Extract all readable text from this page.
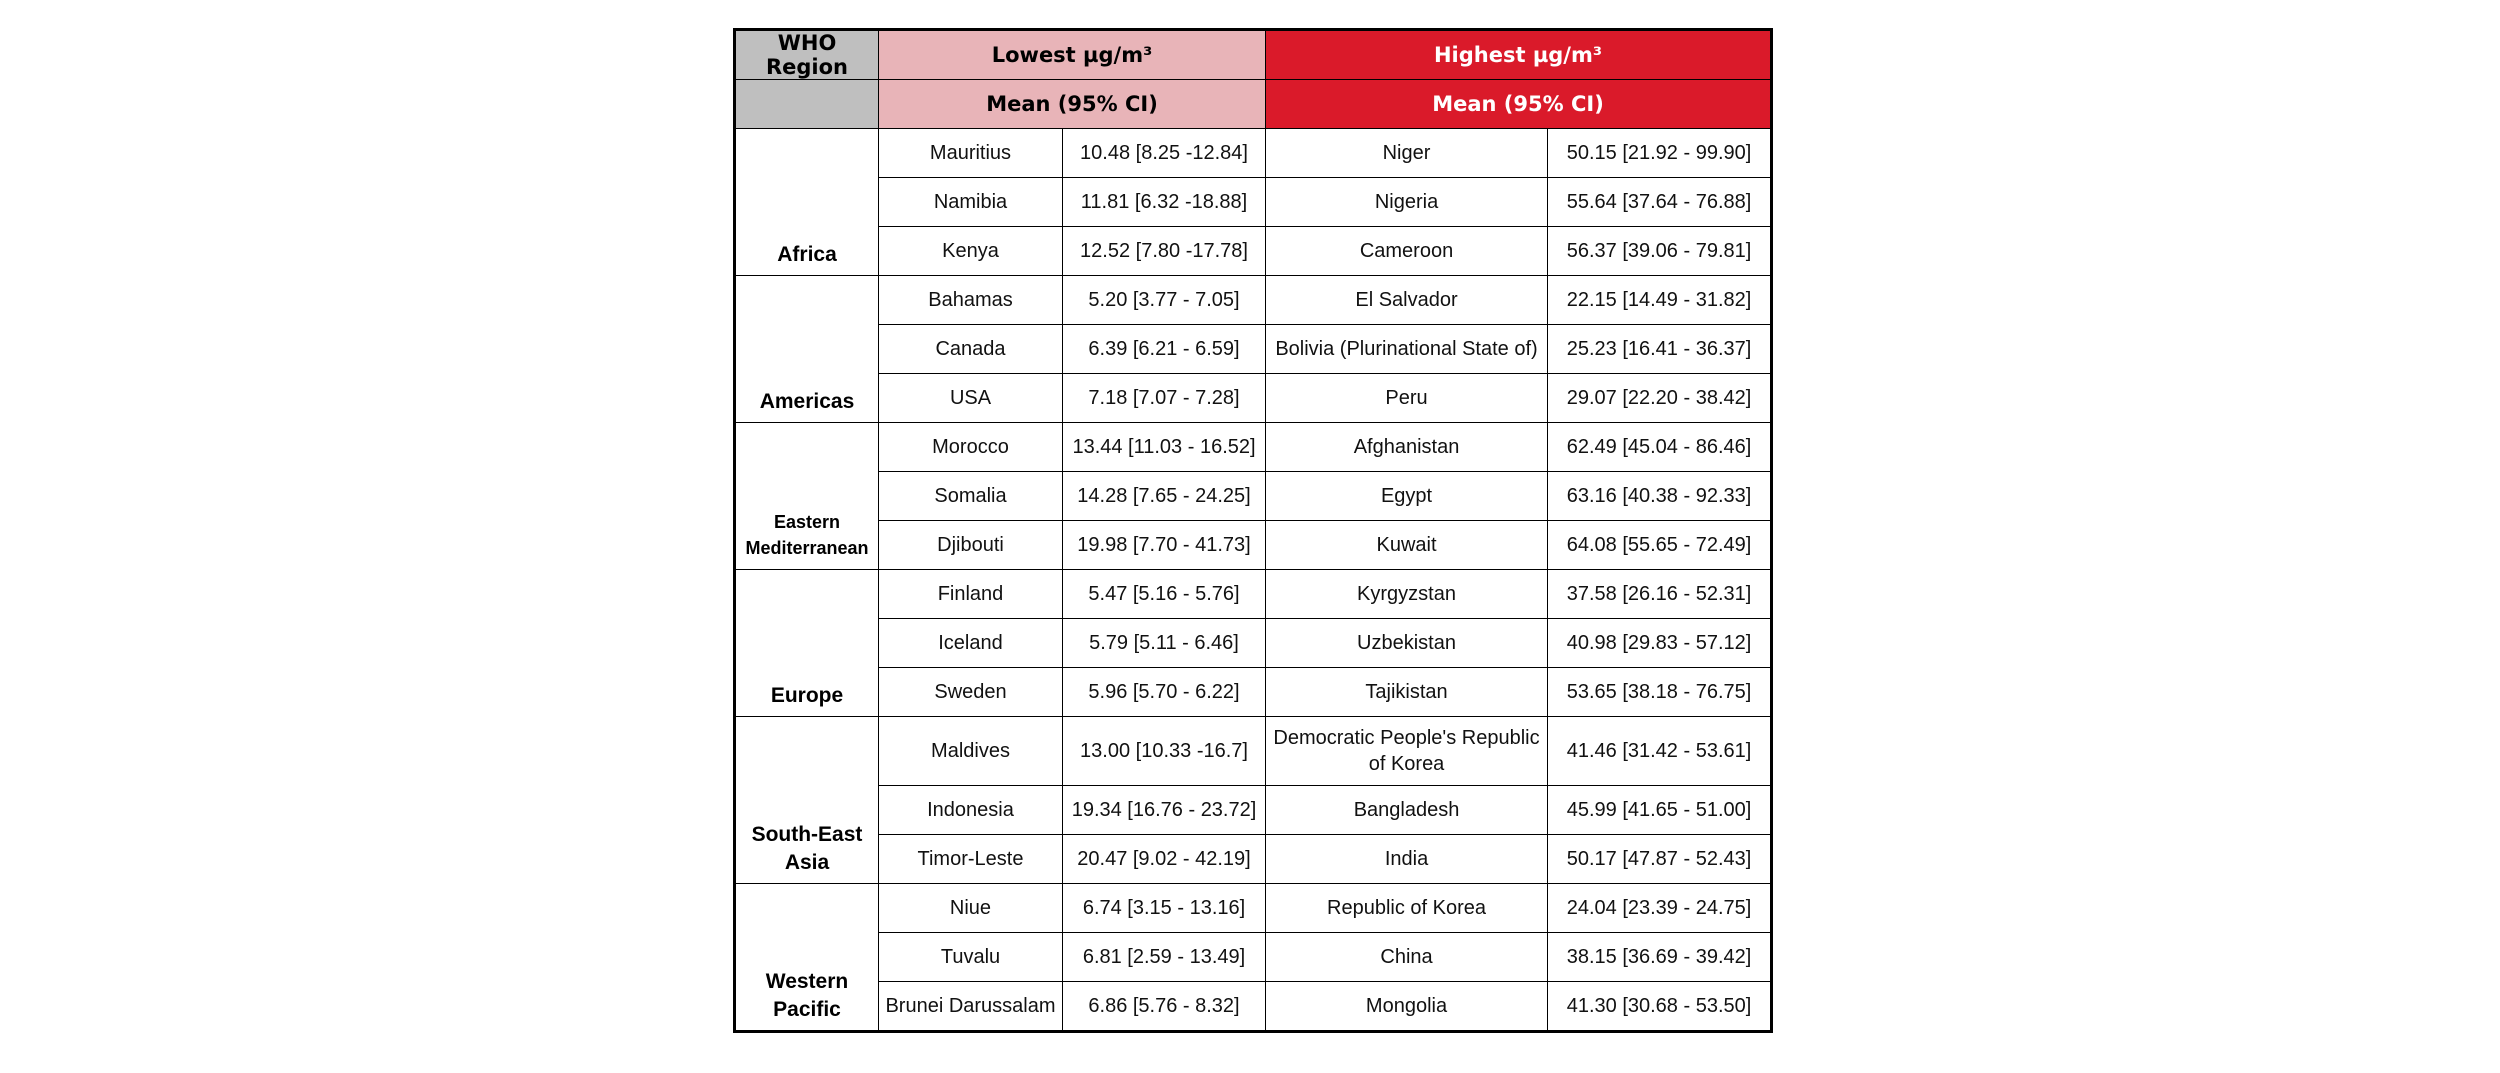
WHO Region	Lowest µg/m³		Highest µg/m³	
	Mean (95% CI)		Mean (95% CI)	
Africa	Mauritius	10.48 [8.25 -12.84]	Niger	50.15 [21.92 - 99.90]
	Namibia	11.81 [6.32 -18.88]	Nigeria	55.64 [37.64 - 76.88]
	Kenya	12.52 [7.80 -17.78]	Cameroon	56.37 [39.06 - 79.81]
Americas	Bahamas	5.20 [3.77 - 7.05]	El Salvador	22.15 [14.49 - 31.82]
	Canada	6.39 [6.21 - 6.59]	Bolivia (Plurinational State of)	25.23 [16.41 - 36.37]
	USA	7.18 [7.07 - 7.28]	Peru	29.07 [22.20 - 38.42]
Eastern Mediterranean	Morocco	13.44 [11.03 - 16.52]	Afghanistan	62.49 [45.04 - 86.46]
	Somalia	14.28 [7.65 - 24.25]	Egypt	63.16 [40.38 - 92.33]
	Djibouti	19.98 [7.70 - 41.73]	Kuwait	64.08 [55.65 - 72.49]
Europe	Finland	5.47 [5.16 - 5.76]	Kyrgyzstan	37.58 [26.16 - 52.31]
	Iceland	5.79 [5.11 - 6.46]	Uzbekistan	40.98 [29.83 - 57.12]
	Sweden	5.96 [5.70 - 6.22]	Tajikistan	53.65 [38.18 - 76.75]
South-East Asia	Maldives	13.00 [10.33 -16.7]	Democratic People's Republic of Korea	41.46 [31.42 - 53.61]
	Indonesia	19.34 [16.76 - 23.72]	Bangladesh	45.99 [41.65 - 51.00]
	Timor-Leste	20.47 [9.02 - 42.19]	India	50.17 [47.87 - 52.43]
Western Pacific	Niue	6.74 [3.15 - 13.16]	Republic of Korea	24.04 [23.39 - 24.75]
	Tuvalu	6.81 [2.59 - 13.49]	China	38.15 [36.69 - 39.42]
	Brunei Darussalam	6.86 [5.76 - 8.32]	Mongolia	41.30 [30.68 - 53.50]
